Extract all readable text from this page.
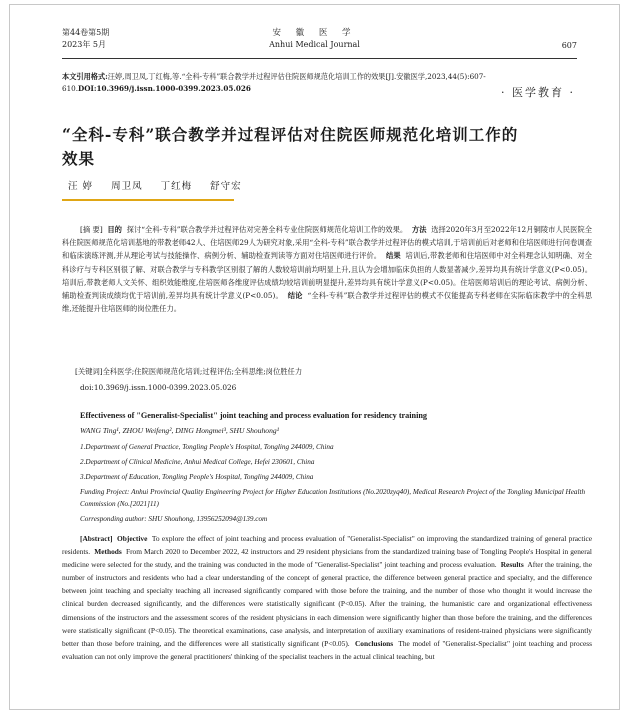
第44卷第5期
2023年 5月
安 徽 医 学
Anhui Medical Journal	607
本文引用格式:汪婷,周卫凤,丁红梅,等.“全科-专科”联合教学并过程评估住院医师规范化培训工作的效果[J].安徽医学,2023,44(5):607-610.DOI:10.3969/j.issn.1000-0399.2023.05.026	· 医学教育 ·
“全科-专科”联合教学并过程评估对住院医师规范化培训工作的效果
汪 婷 周卫凤 丁红梅 舒守宏
[摘 要] 目的 探讨“全科-专科”联合教学并过程评估对完善全科专业住院医师规范化培训工作的效果。 方法 选择2020年3月至2022年12月铜陵市人民医院全科住院医师规范化培训基地的带教老师42人、住培医师29人为研究对象,采用“全科-专科”联合教学并过程评估的模式培训,于培训前后对老师和住培医师进行问卷调查和临床演练评测,并从理论考试与技能操作、病例分析、辅助检查判读等方面对住培医师进行评价。 结果 培训后,带教老师和住培医师中对全科理念认知明确、对全科诊疗与专科区别很了解、对联合教学与专科教学区别很了解的人数较培训前均明显上升,且认为会增加临床负担的人数显著减少,差异均具有统计学意义(P<0.05)。培训后,带教老师人文关怀、组织效能维度,住培医师各维度评估成绩均较培训前明显提升,差异均具有统计学意义(P<0.05)。住培医师培训后的理论考试、病例分析、辅助检查判读成绩均优于培训前,差异均具有统计学意义(P<0.05)。 结论 “全科-专科”联合教学并过程评估的模式不仅能提高专科老师在实际临床教学中的全科思维,还能提升住培医师的岗位胜任力。
[关键词]全科医学;住院医师规范化培训;过程评估;全科思维;岗位胜任力
doi:10.3969/j.issn.1000-0399.2023.05.026
Effectiveness of "Generalist-Specialist" joint teaching and process evaluation for residency training
WANG Ting¹, ZHOU Weifeng², DING Hongmei³, SHU Shouhong¹
1.Department of General Practice, Tongling People's Hospital, Tongling 244009, China
2.Department of Clinical Medicine, Anhui Medical College, Hefei 230601, China
3.Department of Education, Tongling People's Hospital, Tongling 244009, China
Funding Project: Anhui Provincial Quality Engineering Project for Higher Education Institutions (No.2020zyq40), Medical Research Project of the Tongling Municipal Health Commission (No.[2021]11)
Corresponding author: SHU Shouhong, 13956252094@139.com
[Abstract] Objective To explore the effect of joint teaching and process evaluation of "Generalist-Specialist" on improving the standardized training of general practice residents. Methods From March 2020 to December 2022, 42 instructors and 29 resident physicians from the standardized training base of Tongling People's Hospital in general medicine were selected for the study, and the training was conducted in the mode of "Generalist-Specialist" joint teaching and process evaluation. Results After the training, the number of instructors and residents who had a clear understanding of the concept of general practice, the difference between general practice and specialty, and the difference between joint teaching and specialty teaching all increased significantly compared with those before the training, and the number of those who thought it would increase the clinical burden decreased significantly, and the differences were statistically significant (P<0.05). After the training, the humanistic care and organizational effectiveness dimensions of the instructors and the assessment scores of the resident physicians in each dimension were significantly higher than those before the training, and the differences were statistically significant (P<0.05). The theoretical examinations, case analysis, and interpretation of auxiliary examinations of resident-trained physicians were significantly better than those before training, and the differences were all statistically significant (P<0.05). Conclusions The model of "Generalist-Specialist" joint teaching and process evaluation can not only improve the general practitioners' thinking of the specialist teachers in the actual clinical teaching, but
